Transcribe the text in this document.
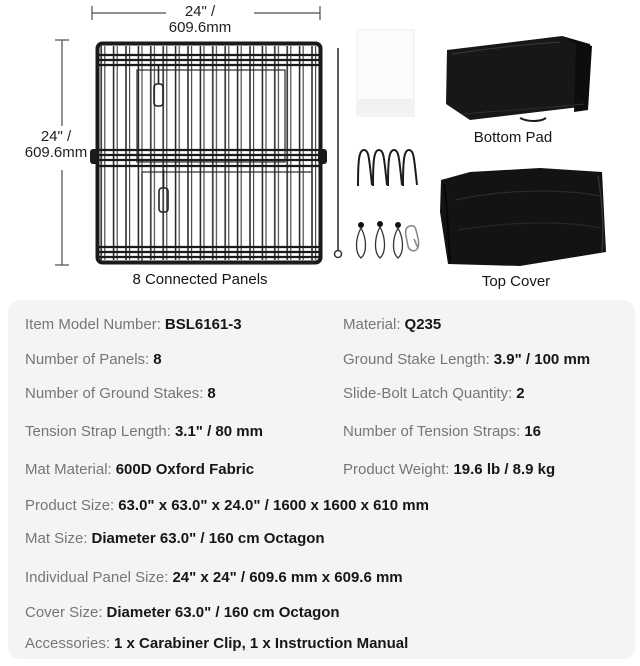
24" /
609.6mm
24" /
609.6mm
8 Connected Panels
Bottom Pad
Top Cover
Item Model Number: BSL6161-3	Material: Q235
Number of Panels: 8	Ground Stake Length: 3.9" / 100 mm
Number of Ground Stakes: 8	Slide-Bolt Latch Quantity: 2
Tension Strap Length: 3.1" / 80 mm	Number of Tension Straps: 16
Mat Material: 600D Oxford Fabric	Product Weight: 19.6 lb / 8.9 kg
Product Size: 63.0" x 63.0" x 24.0" / 1600 x 1600 x 610 mm
Mat Size: Diameter 63.0" / 160 cm Octagon
Individual Panel Size: 24" x 24" / 609.6 mm x 609.6 mm
Cover Size: Diameter 63.0" / 160 cm Octagon
Accessories: 1 x Carabiner Clip, 1 x Instruction Manual
